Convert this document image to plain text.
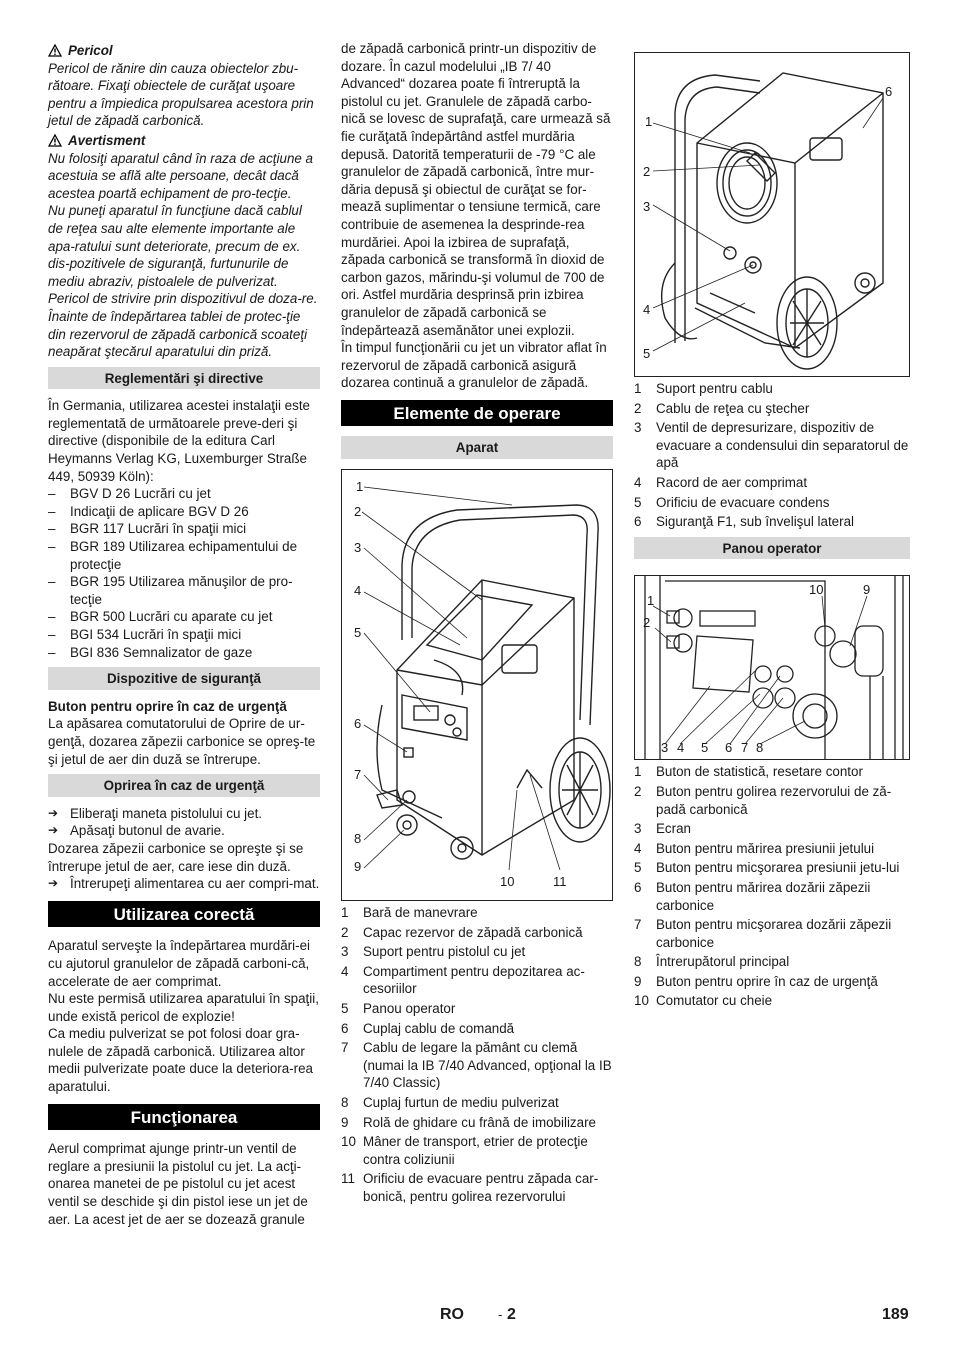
Pericol

Pericol de rănire din cauza obiectelor zbu-rătoare. Fixaţi obiectele de curăţat uşoare pentru a împiedica propulsarea acestora prin jetul de zăpadă carbonică.

Avertisment

Nu folosiţi aparatul când în raza de acţiune a acestuia se află alte persoane, decât dacă acestea poartă echipament de pro-tecţie.

Nu puneţi aparatul în funcţiune dacă cablul de reţea sau alte elemente importante ale apa-ratului sunt deteriorate, precum de ex. dis-pozitivele de siguranţă, furtunurile de mediu abraziv, pistoalele de pulverizat.

Pericol de strivire prin dispozitivul de doza-re. Înainte de îndepărtarea tablei de protec-ţie din rezervorul de zăpadă carbonică scoateţi neapărat ştecărul aparatului din priză.

Reglementări şi directive

În Germania, utilizarea acestei instalaţii este reglementată de următoarele preve-deri şi directive (disponibile de la editura Carl Heymanns Verlag KG, Luxemburger Straße 449, 50939 Köln):

– BGV D 26 Lucrări cu jet
– Indicaţii de aplicare BGV D 26
– BGR 117 Lucrări în spaţii mici
– BGR 189 Utilizarea echipamentului de protecţie
– BGR 195 Utilizarea mănuşilor de pro-tecţie
– BGR 500 Lucrări cu aparate cu jet
– BGI 534 Lucrări în spaţii mici
– BGI 836 Semnalizator de gaze
Dispozitive de siguranţă

Buton pentru oprire în caz de urgenţă

La apăsarea comutatorului de Oprire de ur-genţă, dozarea zăpezii carbonice se opreş-te şi jetul de aer din duză se întrerupe.

Oprirea în caz de urgenţă
➔ Eliberaţi maneta pistolului cu jet.
➔ Apăsaţi butonul de avarie.

Dozarea zăpezii carbonice se opreşte şi se întrerupe jetul de aer, care iese din duză.

➔ Întrerupeţi alimentarea cu aer compri-mat.
Utilizarea corectă

Aparatul serveşte la îndepărtarea murdări-ei cu ajutorul granulelor de zăpadă carboni-că, accelerate de aer comprimat.

Nu este permisă utilizarea aparatului în spaţii, unde există pericol de explozie!

Ca mediu pulverizat se pot folosi doar gra-nulele de zăpadă carbonică. Utilizarea altor medii pulverizate poate duce la deteriora-rea aparatului.

Funcţionarea

Aerul comprimat ajunge printr-un ventil de reglare a presiunii la pistolul cu jet. La acţi-onarea manetei de pe pistolul cu jet acest ventil se deschide şi din pistol iese un jet de aer. La acest jet de aer se dozează granule

de zăpadă carbonică printr-un dispozitiv de dozare. În cazul modelului „IB 7/ 40 Advanced“ dozarea poate fi întreruptă la pistolul cu jet. Granulele de zăpadă carbo-nică se lovesc de suprafaţă, care urmează să fie curăţată îndepărtând astfel murdăria depusă. Datorită temperaturii de -79 °C ale granulelor de zăpadă carbonică, între mur-dăria depusă şi obiectul de curăţat se for-mează suplimentar o tensiune termică, care contribuie de asemenea la desprinde-rea murdăriei. Apoi la izbirea de suprafaţă, zăpada carbonică se transformă în dioxid de carbon gazos, mărindu-şi volumul de 700 de ori. Astfel murdăria desprinsă prin izbirea granulelor de zăpadă carbonică se îndepărtează asemănător unei explozii.

În timpul funcţionării cu jet un vibrator aflat în rezervorul de zăpadă carbonică asigură dozarea continuă a granulelor de zăpadă.

Elemente de operare
Aparat
1
2
3
4
5
6
7
8
9
10	11
1	Bară de manevrare
2	Capac rezervor de zăpadă carbonică
3	Suport pentru pistolul cu jet
4	Compartiment pentru depozitarea ac-cesoriilor
5	Panou operator
6	Cuplaj cablu de comandă
7	Cablu de legare la pământ cu clemă (numai la IB 7/40 Advanced, opţional la IB 7/40 Classic)
8	Cuplaj furtun de mediu pulverizat
9	Rolă de ghidare cu frână de imobilizare
10 Mâner de transport, etrier de protecţie contra coliziunii
11 Orificiu de evacuare pentru zăpada car-bonică, pentru golirea rezervorului
1
2
3
4
5
6
1	Suport pentru cablu
2	Cablu de reţea cu ştecher
3	Ventil de depresurizare, dispozitiv de evacuare a condensului din separatorul de apă
4	Racord de aer comprimat
5	Orificiu de evacuare condens
6	Siguranţă F1, sub învelişul lateral
Panou operator
1
2
3 4 5 6 7 8
9
10
1	Buton de statistică, resetare contor
2	Buton pentru golirea rezervorului de ză-padă carbonică
3	Ecran
4	Buton pentru mărirea presiunii jetului
5	Buton pentru micşorarea presiunii jetu-lui
6	Buton pentru mărirea dozării zăpezii carbonice
7	Buton pentru micşorarea dozării zăpezii carbonice
8	Întrerupătorul principal
9	Buton pentru oprire în caz de urgenţă
10 Comutator cu cheie
RO	- 2	189
